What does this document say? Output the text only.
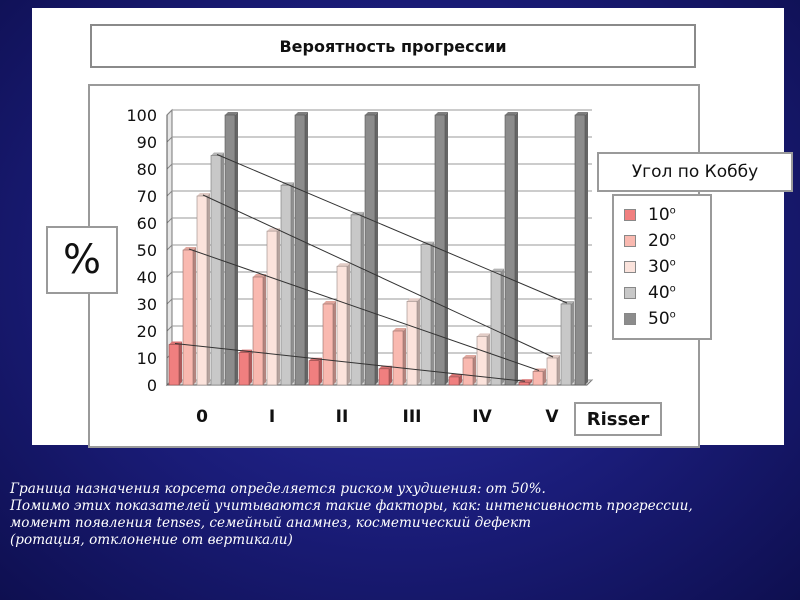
Вероятность прогрессии
0
10
20
30
40
50
60
70
80
90
100
0	I	II	III	IV	V
%
Угол по Коббу
10$^o$
20$^o$
30$^o$
40$^o$
50$^o$
Risser
Граница назначения корсета определяется риском ухудшения: от 50%.
Помимо этих показателей учитываются такие факторы, как: интенсивность прогрессии,
момент появления tenses, семейный анамнез, косметический дефект
(ротация, отклонение от вертикали)
